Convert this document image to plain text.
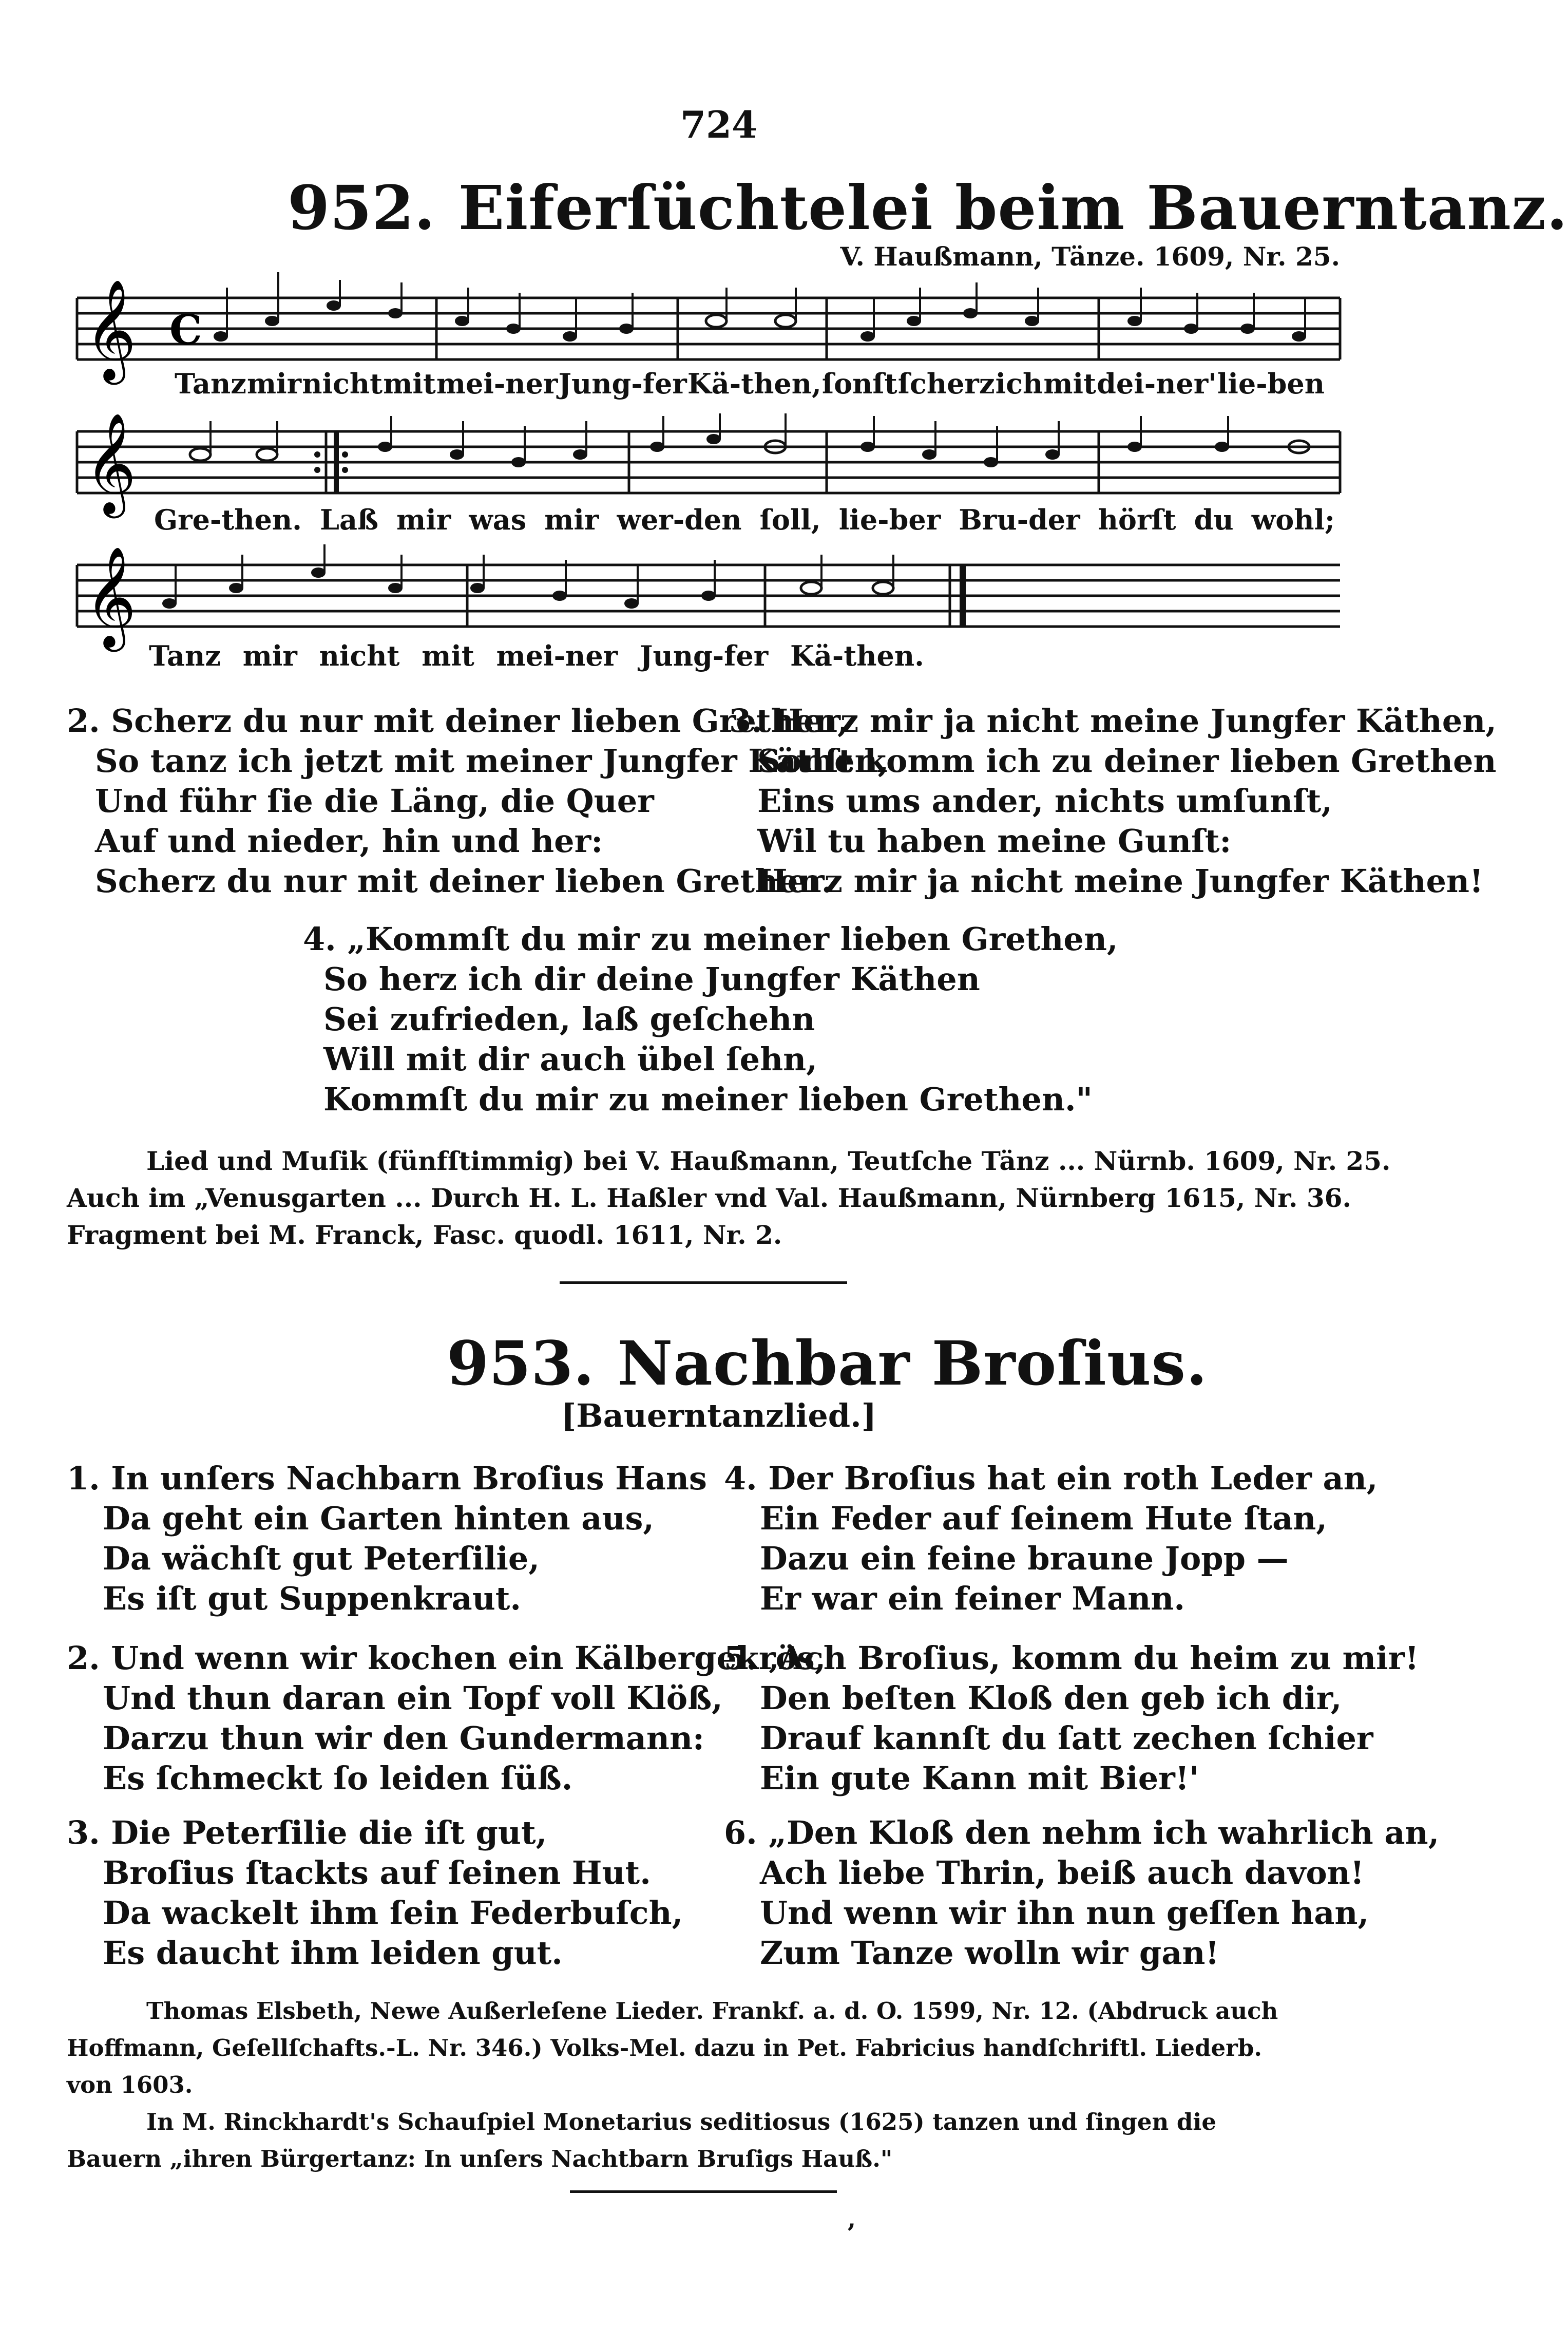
724
952. Eiferſüchtelei beim Bauerntanz.
V. Haußmann, Tänze. 1609, Nr. 25.
𝄞 C
Tanz mir nicht mit mei-ner Jung-fer Kä-then, ſonſt ſcherz ich mit dei-ner' lie-ben
𝄞
Gre-then. Laß mir was mir wer-den ſoll, lie-ber Bru-der hörſt du wohl;
𝄞
Tanz mir nicht mit mei-ner Jung-fer Kä-then.
2. Scherz du nur mit deiner lieben Grethen,
So tanz ich jetzt mit meiner Jungfer Käthen,
Und führ ſie die Läng, die Quer
Auf und nieder, hin und her:
Scherz du nur mit deiner lieben Grethen.
3. Herz mir ja nicht meine Jungfer Käthen,
Sonſt komm ich zu deiner lieben Grethen
Eins ums ander, nichts umſunſt,
Wil tu haben meine Gunſt:
Herz mir ja nicht meine Jungfer Käthen!
4. „Kommſt du mir zu meiner lieben Grethen,
So herz ich dir deine Jungfer Käthen
Sei zufrieden, laß geſchehn
Will mit dir auch übel ſehn,
Kommſt du mir zu meiner lieben Grethen."
Lied und Muſik (fünfſtimmig) bei V. Haußmann, Teutſche Tänz ... Nürnb. 1609, Nr. 25.
Auch im „Venusgarten ... Durch H. L. Haßler vnd Val. Haußmann, Nürnberg 1615, Nr. 36.
Fragment bei M. Franck, Fasc. quodl. 1611, Nr. 2.
953. Nachbar Broſius.
[Bauerntanzlied.]
1. In unſers Nachbarn Broſius Hans
Da geht ein Garten hinten aus,
Da wächſt gut Peterſilie,
Es iſt gut Suppenkraut.
2. Und wenn wir kochen ein Kälbergekrös,
Und thun daran ein Topf voll Klöß,
Darzu thun wir den Gundermann:
Es ſchmeckt ſo leiden ſüß.
3. Die Peterſilie die iſt gut,
Broſius ſtackts auf ſeinen Hut.
Da wackelt ihm ſein Federbuſch,
Es daucht ihm leiden gut.
4. Der Broſius hat ein roth Leder an,
Ein Feder auf ſeinem Hute ſtan,
Dazu ein feine braune Jopp —
Er war ein feiner Mann.
5. ‚Ach Broſius, komm du heim zu mir!
Den beſten Kloß den geb ich dir,
Drauf kannſt du ſatt zechen ſchier
Ein gute Kann mit Bier!'
6. „Den Kloß den nehm ich wahrlich an,
Ach liebe Thrin, beiß auch davon!
Und wenn wir ihn nun geſſen han,
Zum Tanze wolln wir gan!
Thomas Elsbeth, Newe Außerleſene Lieder. Frankf. a. d. O. 1599, Nr. 12. (Abdruck auch
Hoffmann, Geſellſchafts.-L. Nr. 346.) Volks-Mel. dazu in Pet. Fabricius handſchriftl. Liederb.
von 1603.
In M. Rinckhardt's Schauſpiel Monetarius seditiosus (1625) tanzen und ſingen die
Bauern „ihren Bürgertanz: In unſers Nachtbarn Bruſigs Hauß."
‚
